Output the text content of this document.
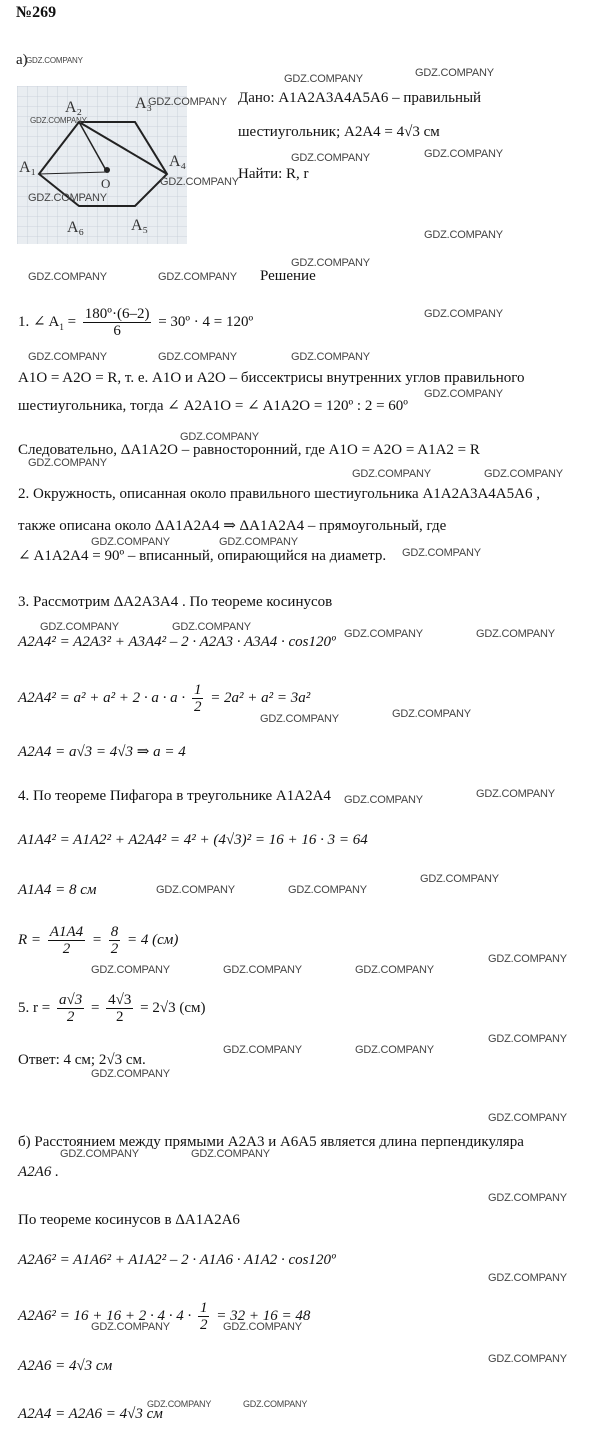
№269
а)
A₂	A₃
A₁	A₄
A₆	A₅
O
Дано: A1A2A3A4A5A6 – правильный
шестиугольник; A2A4 = 4√3 см
Найти: R, r
Решение
1. ∠ $A_1 = \frac{\text{180º·(6–2)}}{6}$ = 30º · 4 = 120º
A1O = A2O = R, т. е. A1O и A2O – биссектрисы внутренних углов правильного
шестиугольника, тогда ∠ A2A1O = ∠ A1A2O = 120º : 2 = 60º
Следовательно, ΔA1A2O – равносторонний, где A1O = A2O = A1A2 = R
2. Окружность, описанная около правильного шестиугольника A1A2A3A4A5A6 ,
также описана около ΔA1A2A4 ⇒ ΔA1A2A4 – прямоугольный, где
∠ A1A2A4 = 90º – вписанный, опирающийся на диаметр.
3. Рассмотрим ΔA2A3A4 . По теореме косинусов
A2A4² = A2A3² + A3A4² – 2 · A2A3 · A3A4 · cos120º
$A2A4^2 = a^2 + a^2 + 2 \cdot a \cdot a \cdot \frac{1}{2} = 2a^2 + a^2 = 3a^2$
A2A4 = a√3 = 4√3 ⇒ a = 4
4. По теореме Пифагора в треугольнике A1A2A4
A1A4² = A1A2² + A2A4² = 4² + (4√3)² = 16 + 16 · 3 = 64
A1A4 = 8 см
$R = \frac{A1A4}{2} = \frac{8}{2} = 4$ (см)
5. $r = \frac{a√3}{2} = \frac{4√3}{2} = 2√3$ (см)
Ответ: 4 см; 2√3 см.
б) Расстоянием между прямыми A2A3 и A6A5 является длина перпендикуляра
A2A6 .
По теореме косинусов в ΔA1A2A6
A2A6² = A1A6² + A1A2² – 2 · A1A6 · A1A2 · cos120º
$A2A6^2 = 16 + 16 + 2 \cdot 4 \cdot 4 \cdot \frac{1}{2} = 32 + 16 = 48$
A2A6 = 4√3 см
A2A4 = A2A6 = 4√3 см
GDZ.COMPANY
GDZ.COMPANY	GDZ.COMPANY
GDZ.COMPANY
GDZ.COMPANY
GDZ.COMPANY	GDZ.COMPANY
GDZ.COMPANY
GDZ.COMPANY
GDZ.COMPANY
GDZ.COMPANY
GDZ.COMPANY	GDZ.COMPANY
GDZ.COMPANY
GDZ.COMPANY	GDZ.COMPANY	GDZ.COMPANY
GDZ.COMPANY
GDZ.COMPANY
GDZ.COMPANY
GDZ.COMPANY	GDZ.COMPANY
GDZ.COMPANY	GDZ.COMPANY
GDZ.COMPANY
GDZ.COMPANY	GDZ.COMPANY
GDZ.COMPANY	GDZ.COMPANY
GDZ.COMPANY	GDZ.COMPANY
GDZ.COMPANY	GDZ.COMPANY
GDZ.COMPANY
GDZ.COMPANY	GDZ.COMPANY
GDZ.COMPANY
GDZ.COMPANY	GDZ.COMPANY	GDZ.COMPANY
GDZ.COMPANY
GDZ.COMPANY	GDZ.COMPANY
GDZ.COMPANY
GDZ.COMPANY
GDZ.COMPANY	GDZ.COMPANY
GDZ.COMPANY
GDZ.COMPANY
GDZ.COMPANY	GDZ.COMPANY
GDZ.COMPANY
GDZ.COMPANY	GDZ.COMPANY
